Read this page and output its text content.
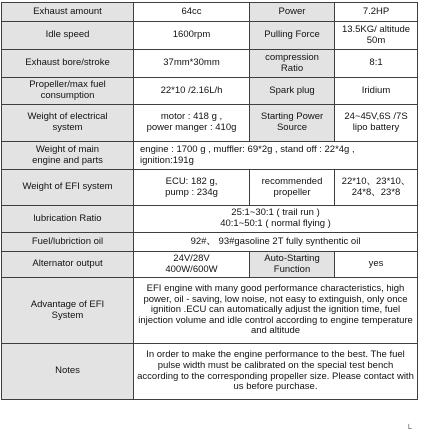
Exhaust amount	64cc	Power	7.2HP
Idle speed	1600rpm	Pulling Force	13.5KG/ altitude
50m
Exhaust bore/stroke	37mm*30mm	compression
Ratio	8:1
Propeller/max fuel
consumption	22*10 /2.16L/h	Spark plug	Iridium
Weight of electrical
system	motor : 418 g ,
power manger : 410g	Starting Power
Source	24~45V,6S /7S
lipo battery
Weight of main
engine and parts	engine : 1700 g , muffler: 69*2g , stand off : 22*4g ,
ignition:191g		
Weight of EFI system	ECU: 182 g,
pump : 234g	recommended
propeller	22*10、23*10、
24*8、23*8
lubrication Ratio	25:1~30:1 ( trail run )
40:1~50:1 ( normal flying )		
Fuel/lubriction oil	92#、 93#gasoline 2T fully synthentic oil		
Alternator output	24V/28V
400W/600W	Auto-Starting
Function	yes
Advantage of EFI
System	EFI engine with many good performance characteristics, high power, oil - saving, low noise, not easy to extinguish, only once ignition .ECU can automatically adjust the ignition time, fuel injection volume and idle control according to engine temperature and altitude		
Notes	In order to make the engine performance to the best. The fuel pulse width must be calibrated on the special test bench according to the corresponding propeller size. Please contact with us before purchase.		
└
